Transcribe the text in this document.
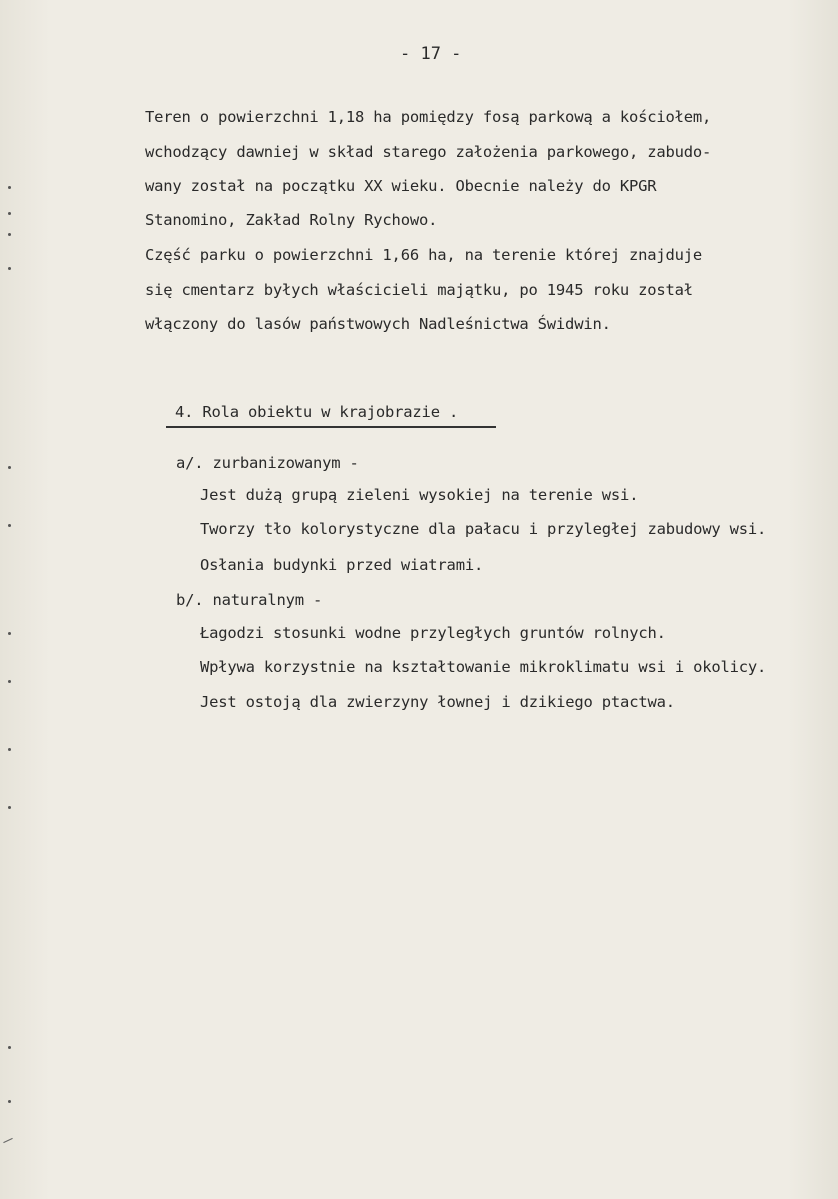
- 17 -
Teren o powierzchni 1,18 ha pomiędzy fosą parkową a kościołem,
wchodzący dawniej w skład starego założenia parkowego, zabudo-
wany został na początku XX wieku. Obecnie należy do KPGR
Stanomino, Zakład Rolny Rychowo.
Część parku o powierzchni 1,66 ha, na terenie której znajduje
się cmentarz byłych właścicieli majątku, po 1945 roku został
włączony do lasów państwowych Nadleśnictwa Świdwin.
4. Rola obiektu w krajobrazie .
a/. zurbanizowanym -
Jest dużą grupą zieleni wysokiej na terenie wsi.
Tworzy tło kolorystyczne dla pałacu i przyległej zabudowy wsi.
Osłania budynki przed wiatrami.
b/. naturalnym -
Łagodzi stosunki wodne przyległych gruntów rolnych.
Wpływa korzystnie na kształtowanie mikroklimatu wsi i okolicy.
Jest ostoją dla zwierzyny łownej i dzikiego ptactwa.
